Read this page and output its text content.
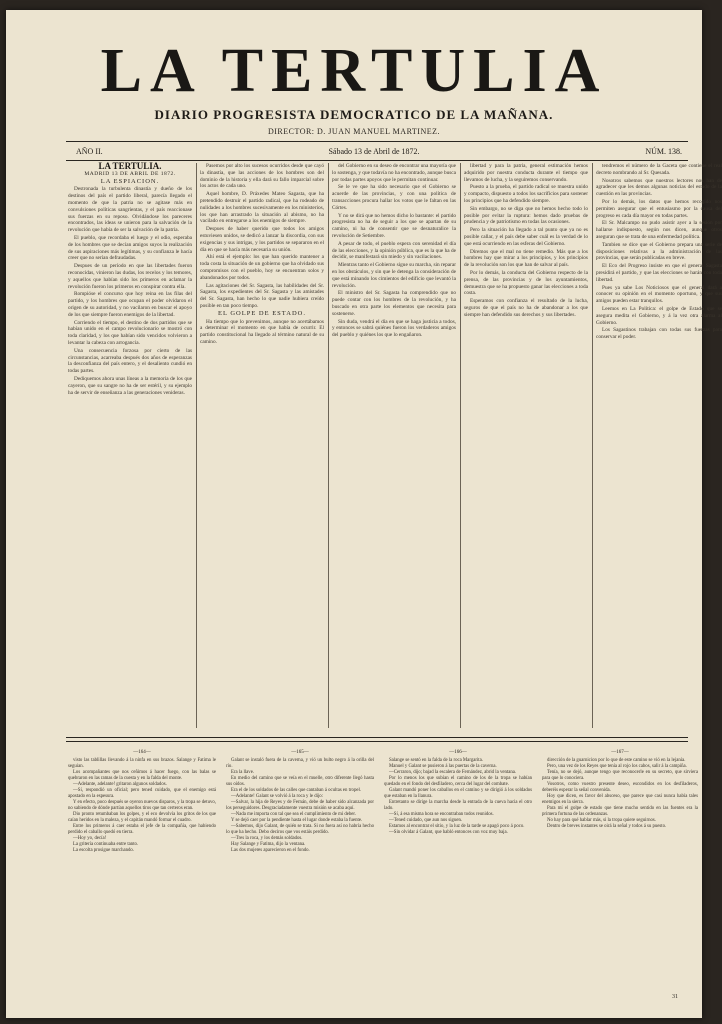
LA TERTULIA
DIARIO PROGRESISTA DEMOCRATICO DE LA MAÑANA.
DIRECTOR: D. JUAN MANUEL MARTINEZ.
AÑO II.	Sábado 13 de Abril de 1872.	NÚM. 138.

LA TERTULIA.

MADRID 13 DE ABRIL DE 1872.

LA ESPIACION.

Destronada la turbulenta dinastía y dueño de los destinos del país el partido liberal, parecía llegado el momento de que la patria no se agitase más en convulsiones políticas sangrientas, y el país reaccionase sus fuerzas en su reposo. Olvidándose los pareceres encontrados, las ideas se unieron para la salvación de la revolución que había de ser la salvación de la patria.

El pueblo, que recordaba el luego y el odio, esperaba de los hombres que se decían amigos suyos la realización de sus aspiraciones más legítimas, y su confianza le hacía creer que no serían defraudadas.

Despues de un período en que las libertades fueron reconocidas, vinieron las dudas, los recelos y los temores, y aquellos que habían sido los primeros en aclamar la revolución fueron los primeros en conspirar contra ella.

Rompióse el concurso que hoy reina en las filas del partido, y los hombres que ocupan el poder olvidaron el origen de su autoridad, y no vacilaron en buscar el apoyo de los que siempre fueron enemigos de la libertad.

Corriendo el tiempo, el destino de dos partidos que se habían unido en el campo revolucionario se mostró con toda claridad, y los que habían sido vencidos volvieron a levantar la cabeza con arrogancia.

Una consecuencia forzosa por cierto de las circunstancias, acarreaba después dos años de esperanzas la desconfianza del país entero, y el desaliento cundió en todas partes.

Dediquemos ahora unas líneas a la memoria de los que cayeron, que su sangre no ha de ser estéril, y su ejemplo ha de servir de enseñanza a las generaciones venideras.

Pasemos por alto los sucesos ocurridos desde que cayó la dinastía, que las acciones de los hombres son del dominio de la historia y ella dará su fallo imparcial sobre los actos de cada uno.

Aquel hombre, D. Práxedes Mateo Sagasta, que ha pretendido destruir el partido radical, que ha rodeado de nulidades a los hombres sucesivamente en los ministerios, los que han arrastrado la situación al abismo, no ha vacilado en entregarse a los enemigos de siempre.

Despues de haber querido que todos los amigos estuviesen unidos, se dedicó a lanzar la discordia, con sus exigencias y sus intrigas, y los partidos se separaron en el día en que se hacía más necesaria su unión.

Ahí está el ejemplo: los que han querido mantener a toda costa la situación de un gobierno que ha olvidado sus compromisos con el pueblo, hoy se encuentran solos y abandonados por todos.

Las agitaciones del Sr. Sagasta, las habilidades del Sr. Sagasta, los expedientes del Sr. Sagasta y las amistades del Sr. Sagasta, han hecho lo que nadie hubiera creído posible en tan poco tiempo.

EL GOLPE DE ESTADO.

Ha tiempo que lo prevenimos, aunque no acertábamos a determinar el momento en que había de ocurrir. El partido constitucional ha llegado al término natural de su camino.

del Gobierno en su deseo de encontrar una mayoría que lo sostenga, y que todavía no ha encontrado, aunque busca por todas partes apoyos que le permitan continuar.

Se le ve que ha sido necesario que el Gobierno se acuerde de las provincias, y con una política de transacciones procura hallar los votos que le faltan en las Córtes.

Y no se dirá que no hemos dicho lo bastante: el partido progresista no ha de seguir a los que se apartan de su camino, ni ha de consentir que se desnaturalice la revolución de Setiembre.

A pesar de todo, el pueblo espera con serenidad el día de las elecciones, y la opinión pública, que es la que ha de decidir, se manifestará sin miedo y sin vacilaciones.

Mientras tanto el Gobierno sigue su marcha, sin reparar en los obstáculos, y sin que le detenga la consideración de que está minando los cimientos del edificio que levantó la revolución.

El ministro del Sr. Sagasta ha comprendido que no puede contar con los hombres de la revolución, y ha buscado en otra parte los elementos que necesita para sostenerse.

Sin duda, vendrá el día en que se haga justicia a todos, y entonces se sabrá quiénes fueron los verdaderos amigos del pueblo y quiénes los que lo engañaron.

libertad y para la patria, general estimación hemos adquirido por nuestra conducta durante el tiempo que llevamos de lucha, y la seguiremos conservando.

Puesto a la prueba, el partido radical se muestra unido y compacto, dispuesto a todos los sacrificios para sostener los principios que ha defendido siempre.

Sin embargo, no se diga que no hemos hecho todo lo posible por evitar la ruptura: hemos dado pruebas de prudencia y de patriotismo en todas las ocasiones.

Pero la situación ha llegado a tal punto que ya no es posible callar, y el país debe saber cuál es la verdad de lo que está ocurriendo en las esferas del Gobierno.

Diremos que el mal no tiene remedio. Más que a los hombres hay que mirar a los principios, y los principios de la revolución son los que han de salvar al país.

Por lo demás, la conducta del Gobierno respecto de la prensa, de las provincias y de los ayuntamientos, demuestra que se ha propuesto ganar las elecciones a toda costa.

Esperamos con confianza el resultado de la lucha, seguros de que el país no ha de abandonar a los que siempre han defendido sus derechos y sus libertades.

tendremos el número de la Gaceta que contiene el real decreto nombrando al Sr. Quesada.

Nosotros sabemos que nuestros lectores nos han de agradecer que les demos algunas noticias del estado de la cuestión en las provincias.

Por lo demás, los datos que hemos recogido nos permiten asegurar que el entusiasmo por la causa del progreso es cada día mayor en todas partes.

El Sr. Malcampo no pudo asistir ayer a la sesión por hallarse indispuesto, según nos dicen, aunque otros aseguran que se trata de una enfermedad política.

Tambien se dice que el Gobierno prepara una serie de disposiciones relativas a la administración de las provincias, que serán publicadas en breve.

El Eco del Progreso insiste en que el general Sagasta presidirá el partido, y que las elecciones se harán con toda libertad.

Pues ya sabe Los Noticiosos que el general dará a conocer su opinión en el momento oportuno, y que sus amigos pueden estar tranquilos.

Leemos en La Política: el golpe de Estado que se asegura medita el Gobierno, y á la vez otra alarma al Gobierno.

Los Sagastinos trabajan con todas sus fuerzas para conservar el poder.

—164—

visto las tablillas llevando á la ninfa en sus brazos. Salange y Fatima le seguian.

Los acompañantes que nos ceñimos á hacer fuego, con las balas se quebraron en las ramas de la cuesta y en la falda del monte.

—Adelante, adelante! gritaron algunos soldados.

—Sí, respondió un oficial; pero tened cuidado, que el enemigo está apostado en la espesura.

Y en efecto, poco después se oyeron nuevos disparos, y la tropa se detuvo, no sabiendo de dónde partían aquellos tiros que tan certeros eran.

Dio pronto retumbaban los golpes, y el eco devolvía los gritos de los que caían heridos en la maleza, y el capitán mandó formar el cuadro.

Entre los primeros á caer estaba el jefe de la compañía, que habiendo perdido el caballo quedó en tierra.

—Hoy yo, decía!

La gritería continuaba entre tanto.

La escolta prosigue marchando.

—165—

Galant se instaló fuera de la caverna, y vió un bulto negro á la orilla del río.

Era la llave.

En medio del camino que se veía en el muelle, otro diferente llegó hasta sus oídos.

Era el de los soldados de las calles que cantaban á ocultas en tropel.

—Adelante! Galant se volvió á la roca y le dijo:

—Salvar, la hija de Reyes y de Fernán, debe de haber sido alcanzada por los perseguidores. Desgraciadamente vuestra misión se acaba aquí.

—Nada me importa con tal que sea el cumplimiento de mi deber.

Y se dejó caer por la pendiente hasta el lugar donde estaba la fuente.

—Sabemos, dijo Galant, de quién se trata. Si no fuera así no habría hecho lo que ha hecho. Debo deciros que vos estáis perdido.

—Tres la roca, y los demás soldados.

Hay Salange y Fatima, dijo la ventana.

Las dos mujeres aparecieron en el fondo.

—166—

Salange se sentó en la falda de la roca Margarita.

Manuel y Galant se pusieron á las puertas de la caverna.

—Cerraron, dijo; bajad la escalera de Fernández, abrid la ventana.

Por lo menos los que subían el camino de los de la tropa se habían quedado en el fondo del desfiladero, cerca del lugar del combate.

Galant mandó poner los caballos en el camino y se dirigió á los soldados que estaban en la llanura.

Entretanto se dirige la marcha desde la entrada de la cueva hacia el otro lado.

—Sí, á esa misma hora se encontraban todos reunidos.

—Tened cuidado, que aun nos siguen.

Estamos al encontrar el sitio, y la luz de la tarde se apagó poco á poco.

—Sin olvidar á Galant, que habló entonces con voz muy baja.

—167—

dirección de la guarnicion por lo que de este camino se vió en la lejanía.

Pero, una vez de los Reyes que tenía al rojo los cabos, salir á la campiña.

Tenía, no se dejó, aunque tengo que reconocerle en su secreto, que sirviera para que lo conociera.

Vosotros, como vuestro presente deseo, escondidos en los desfiladeros, deberéis esperar la señal convenida.

Hoy que dicen, es favor del absceso, que parece que casi nunca había tales enemigos en la sierra.

Para mí el golpe de estado que tiene mucho sentido en las fuentes era la primera fortuna de las ordenanzas.

No hay para qué hablar más, si la tropa quiere seguirnos.

Dentro de breves instantes se oirá la señal y todos á su puesto.

31
